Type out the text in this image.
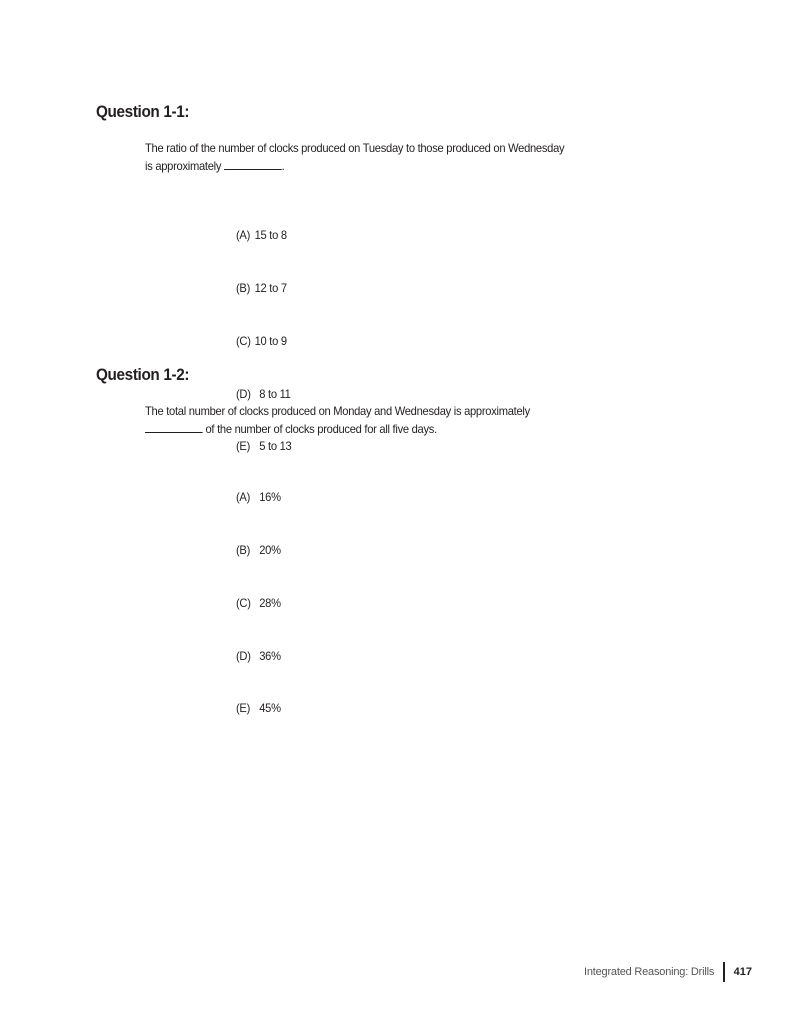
Question 1-1:
The ratio of the number of clocks produced on Tuesday to those produced on Wednesday
is approximately	.

(A) 15 to 8

(B) 12 to 7

(C) 10 to 9

(D) 8 to 11

(E) 5 to 13

Question 1-2:
The total number of clocks produced on Monday and Wednesday is approximately
of the number of clocks produced for all five days.

(A) 16%

(B) 20%

(C) 28%

(D) 36%

(E) 45%

Integrated Reasoning: Drills 417
